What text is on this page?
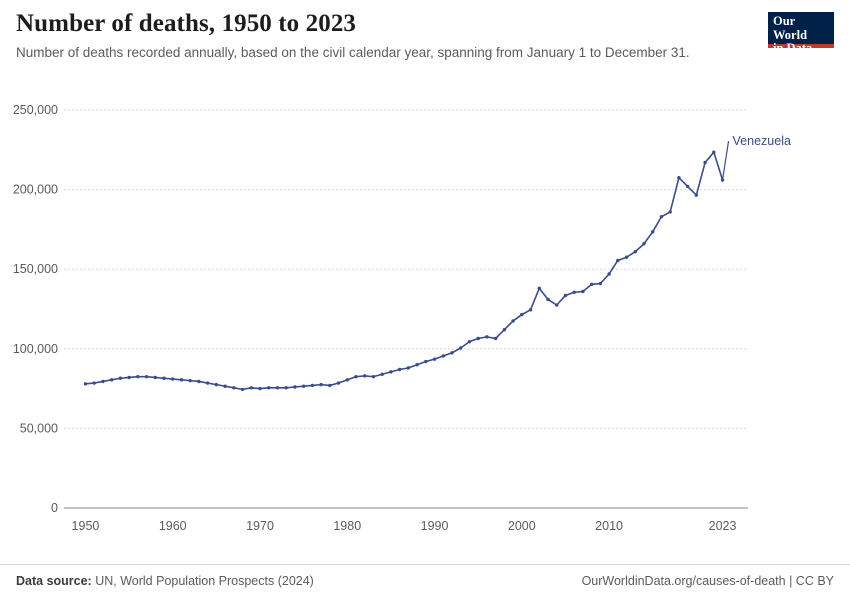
Number of deaths, 1950 to 2023
Number of deaths recorded annually, based on the civil calendar year, spanning from January 1 to December 31.
Our World
in Data
0
50,000
100,000
150,000
200,000
250,000
1950	1960	1970	1980	1990	2000	2010	2023
Venezuela
Data source: UN, World Population Prospects (2024)	OurWorldinData.org/causes-of-death | CC BY
